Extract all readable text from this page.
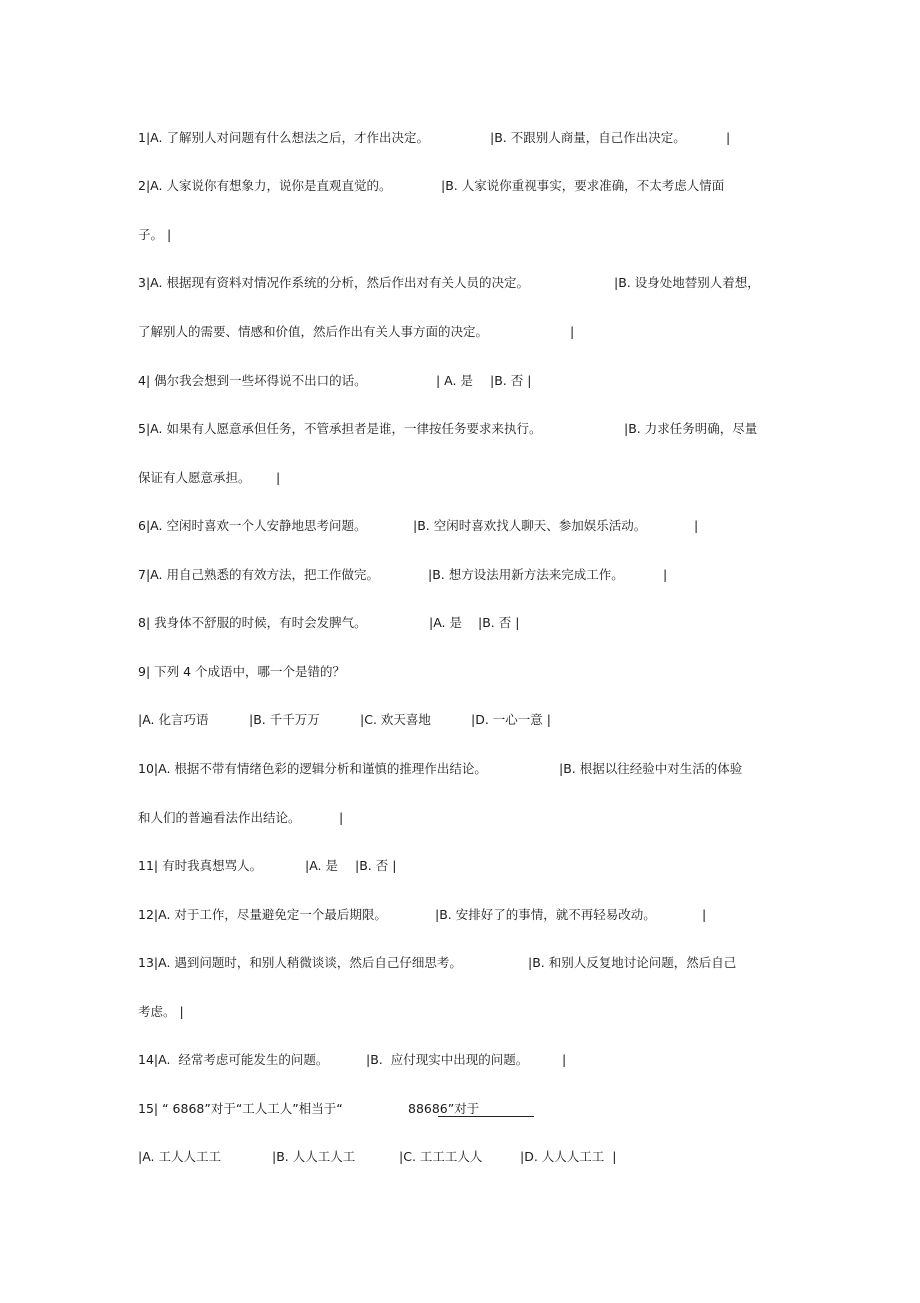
1|A. 了解别人对问题有什么想法之后，才作出决定。

	|B. 不跟别人商量，自己作出决定。

	|

2|A. 人家说你有想象力，说你是直观直觉的。

	|B. 人家说你重视事实，要求准确，不太考虑人情面

子。 |

3|A. 根据现有资料对情况作系统的分析，然后作出对有关人员的决定。

	|B. 设身处地替别人着想，

了解别人的需要、情感和价值，然后作出有关人事方面的决定。

	|

4| 偶尔我会想到一些坏得说不出口的话。

	| A. 是

|B. 否 |

5|A. 如果有人愿意承但任务，不管承担者是谁，一律按任务要求来执行。

	|B. 力求任务明确，尽量

保证有人愿意承担。

|

6|A. 空闲时喜欢一个人安静地思考问题。

	|B. 空闲时喜欢找人聊天、参加娱乐活动。

	|

7|A. 用自己熟悉的有效方法，把工作做完。

	|B. 想方设法用新方法来完成工作。

	|

8| 我身体不舒服的时候，有时会发脾气。

	|A. 是

|B. 否 |

9| 下列 4 个成语中，哪一个是错的？

|A. 化言巧语

	|B. 千千万万

	|C. 欢天喜地

	|D. 一心一意 |

10|A. 根据不带有情绪色彩的逻辑分析和谨慎的推理作出结论。

	|B. 根据以往经验中对生活的体验

和人们的普遍看法作出结论。

	|

11| 有时我真想骂人。

	|A. 是

|B. 否 |

12|A. 对于工作，尽量避免定一个最后期限。

	|B. 安排好了的事情，就不再轻易改动。

	|

13|A. 遇到问题时，和别人稍微谈谈，然后自己仔细思考。

	|B. 和别人反复地讨论问题，然后自己

考虑。 |

14|A.  经常考虑可能发生的问题。

	|B.  应付现实中出现的问题。

	|

15| “ 6868”对于“工人工人”相当于“

	88686”对于

|A. 工人人工工

	|B. 人人工人工

	|C. 工工工人人

	|D. 人人人工工  |
